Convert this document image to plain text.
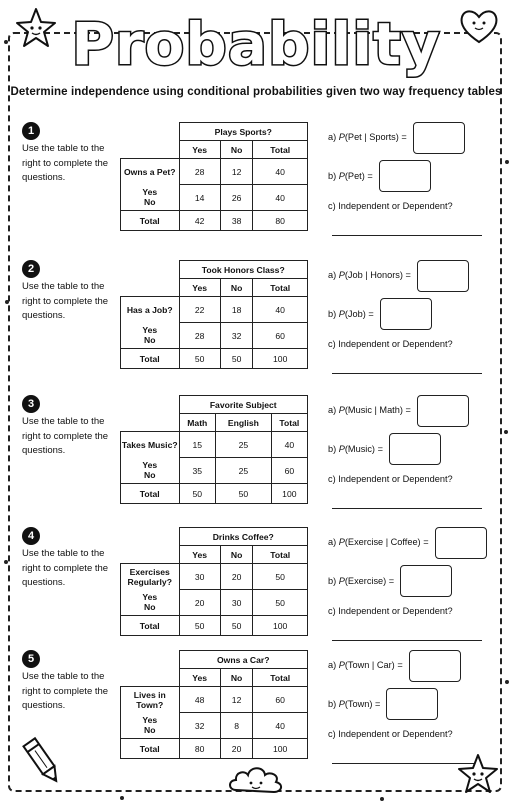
Probability
Determine independence using conditional probabilities given two way frequency tables
1
Use the table to the right to complete the questions.
	Plays Sports?		
	Yes	No	Total
Owns a Pet?	28	12	40

Yes
No	14	26	40
Total	42	38	80
a) P(Pet | Sports) =
b) P(Pet) =
c) Independent or Dependent?
2
Use the table to the right to complete the questions.
	Took Honors Class?		
	Yes	No	Total
Has a Job?	22	18	40

Yes
No	28	32	60
Total	50	50	100
a) P(Job | Honors) =
b) P(Job) =
c) Independent or Dependent?
3
Use the table to the right to complete the questions.
	Favorite Subject		
	Math	English	Total
Takes Music?	15	25	40

Yes
No	35	25	60
Total	50	50	100
a) P(Music | Math) =
b) P(Music) =
c) Independent or Dependent?
4
Use the table to the right to complete the questions.
	Drinks Coffee?		
	Yes	No	Total
Exercises Regularly?	30	20	50

Yes
No	20	30	50
Total	50	50	100
a) P(Exercise | Coffee) =
b) P(Exercise) =
c) Independent or Dependent?
5
Use the table to the right to complete the questions.
	Owns a Car?		
	Yes	No	Total
Lives in Town?	48	12	60

Yes
No	32	8	40
Total	80	20	100
a) P(Town | Car) =
b) P(Town) =
c) Independent or Dependent?
